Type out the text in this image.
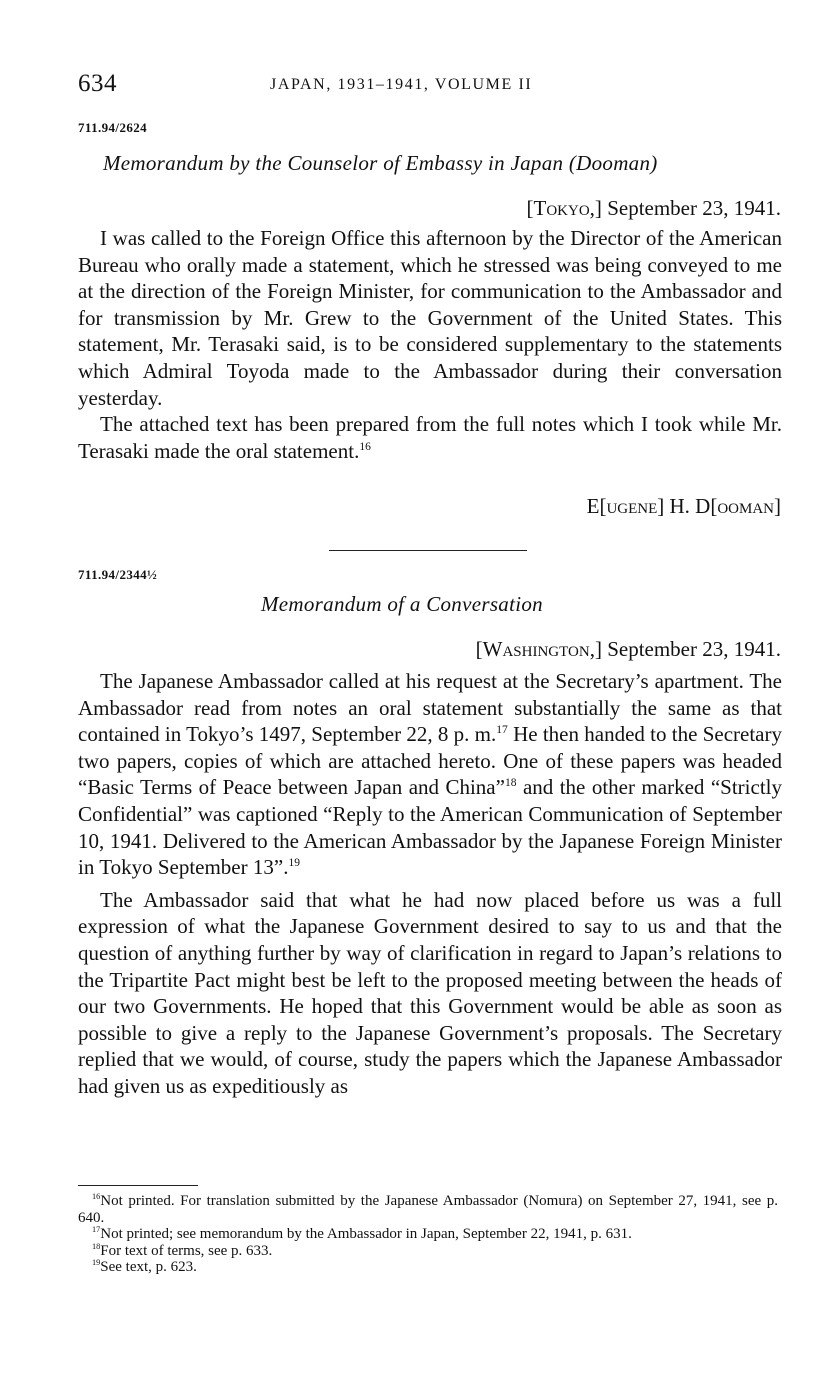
634	JAPAN, 1931–1941, VOLUME II
711.94/2624
Memorandum by the Counselor of Embassy in Japan (Dooman)
[Tokyo,] September 23, 1941.

I was called to the Foreign Office this afternoon by the Director of the American Bureau who orally made a statement, which he stressed was being conveyed to me at the direction of the Foreign Minister, for communication to the Ambassador and for transmission by Mr. Grew to the Government of the United States. This statement, Mr. Terasaki said, is to be considered supplementary to the statements which Admiral Toyoda made to the Ambassador during their conversation yesterday.

The attached text has been prepared from the full notes which I took while Mr. Terasaki made the oral statement.$^{16}$

E[ugene] H. D[ooman]
711.94/2344½
Memorandum of a Conversation
[Washington,] September 23, 1941.

The Japanese Ambassador called at his request at the Secretary’s apartment. The Ambassador read from notes an oral statement substantially the same as that contained in Tokyo’s 1497, September 22, 8 p. m.$^{17}$ He then handed to the Secretary two papers, copies of which are attached hereto. One of these papers was headed “Basic Terms of Peace between Japan and China”$^{18}$ and the other marked “Strictly Confidential” was captioned “Reply to the American Communication of September 10, 1941. Delivered to the American Ambassador by the Japanese Foreign Minister in Tokyo September 13”.$^{19}$

The Ambassador said that what he had now placed before us was a full expression of what the Japanese Government desired to say to us and that the question of anything further by way of clarification in regard to Japan’s relations to the Tripartite Pact might best be left to the proposed meeting between the heads of our two Governments. He hoped that this Government would be able as soon as possible to give a reply to the Japanese Government’s proposals. The Secretary replied that we would, of course, study the papers which the Japanese Ambassador had given us as expeditiously as

$^{16}$Not printed. For translation submitted by the Japanese Ambassador (Nomura) on September 27, 1941, see p. 640.

$^{17}$Not printed; see memorandum by the Ambassador in Japan, September 22, 1941, p. 631.

$^{18}$For text of terms, see p. 633.

$^{19}$See text, p. 623.
